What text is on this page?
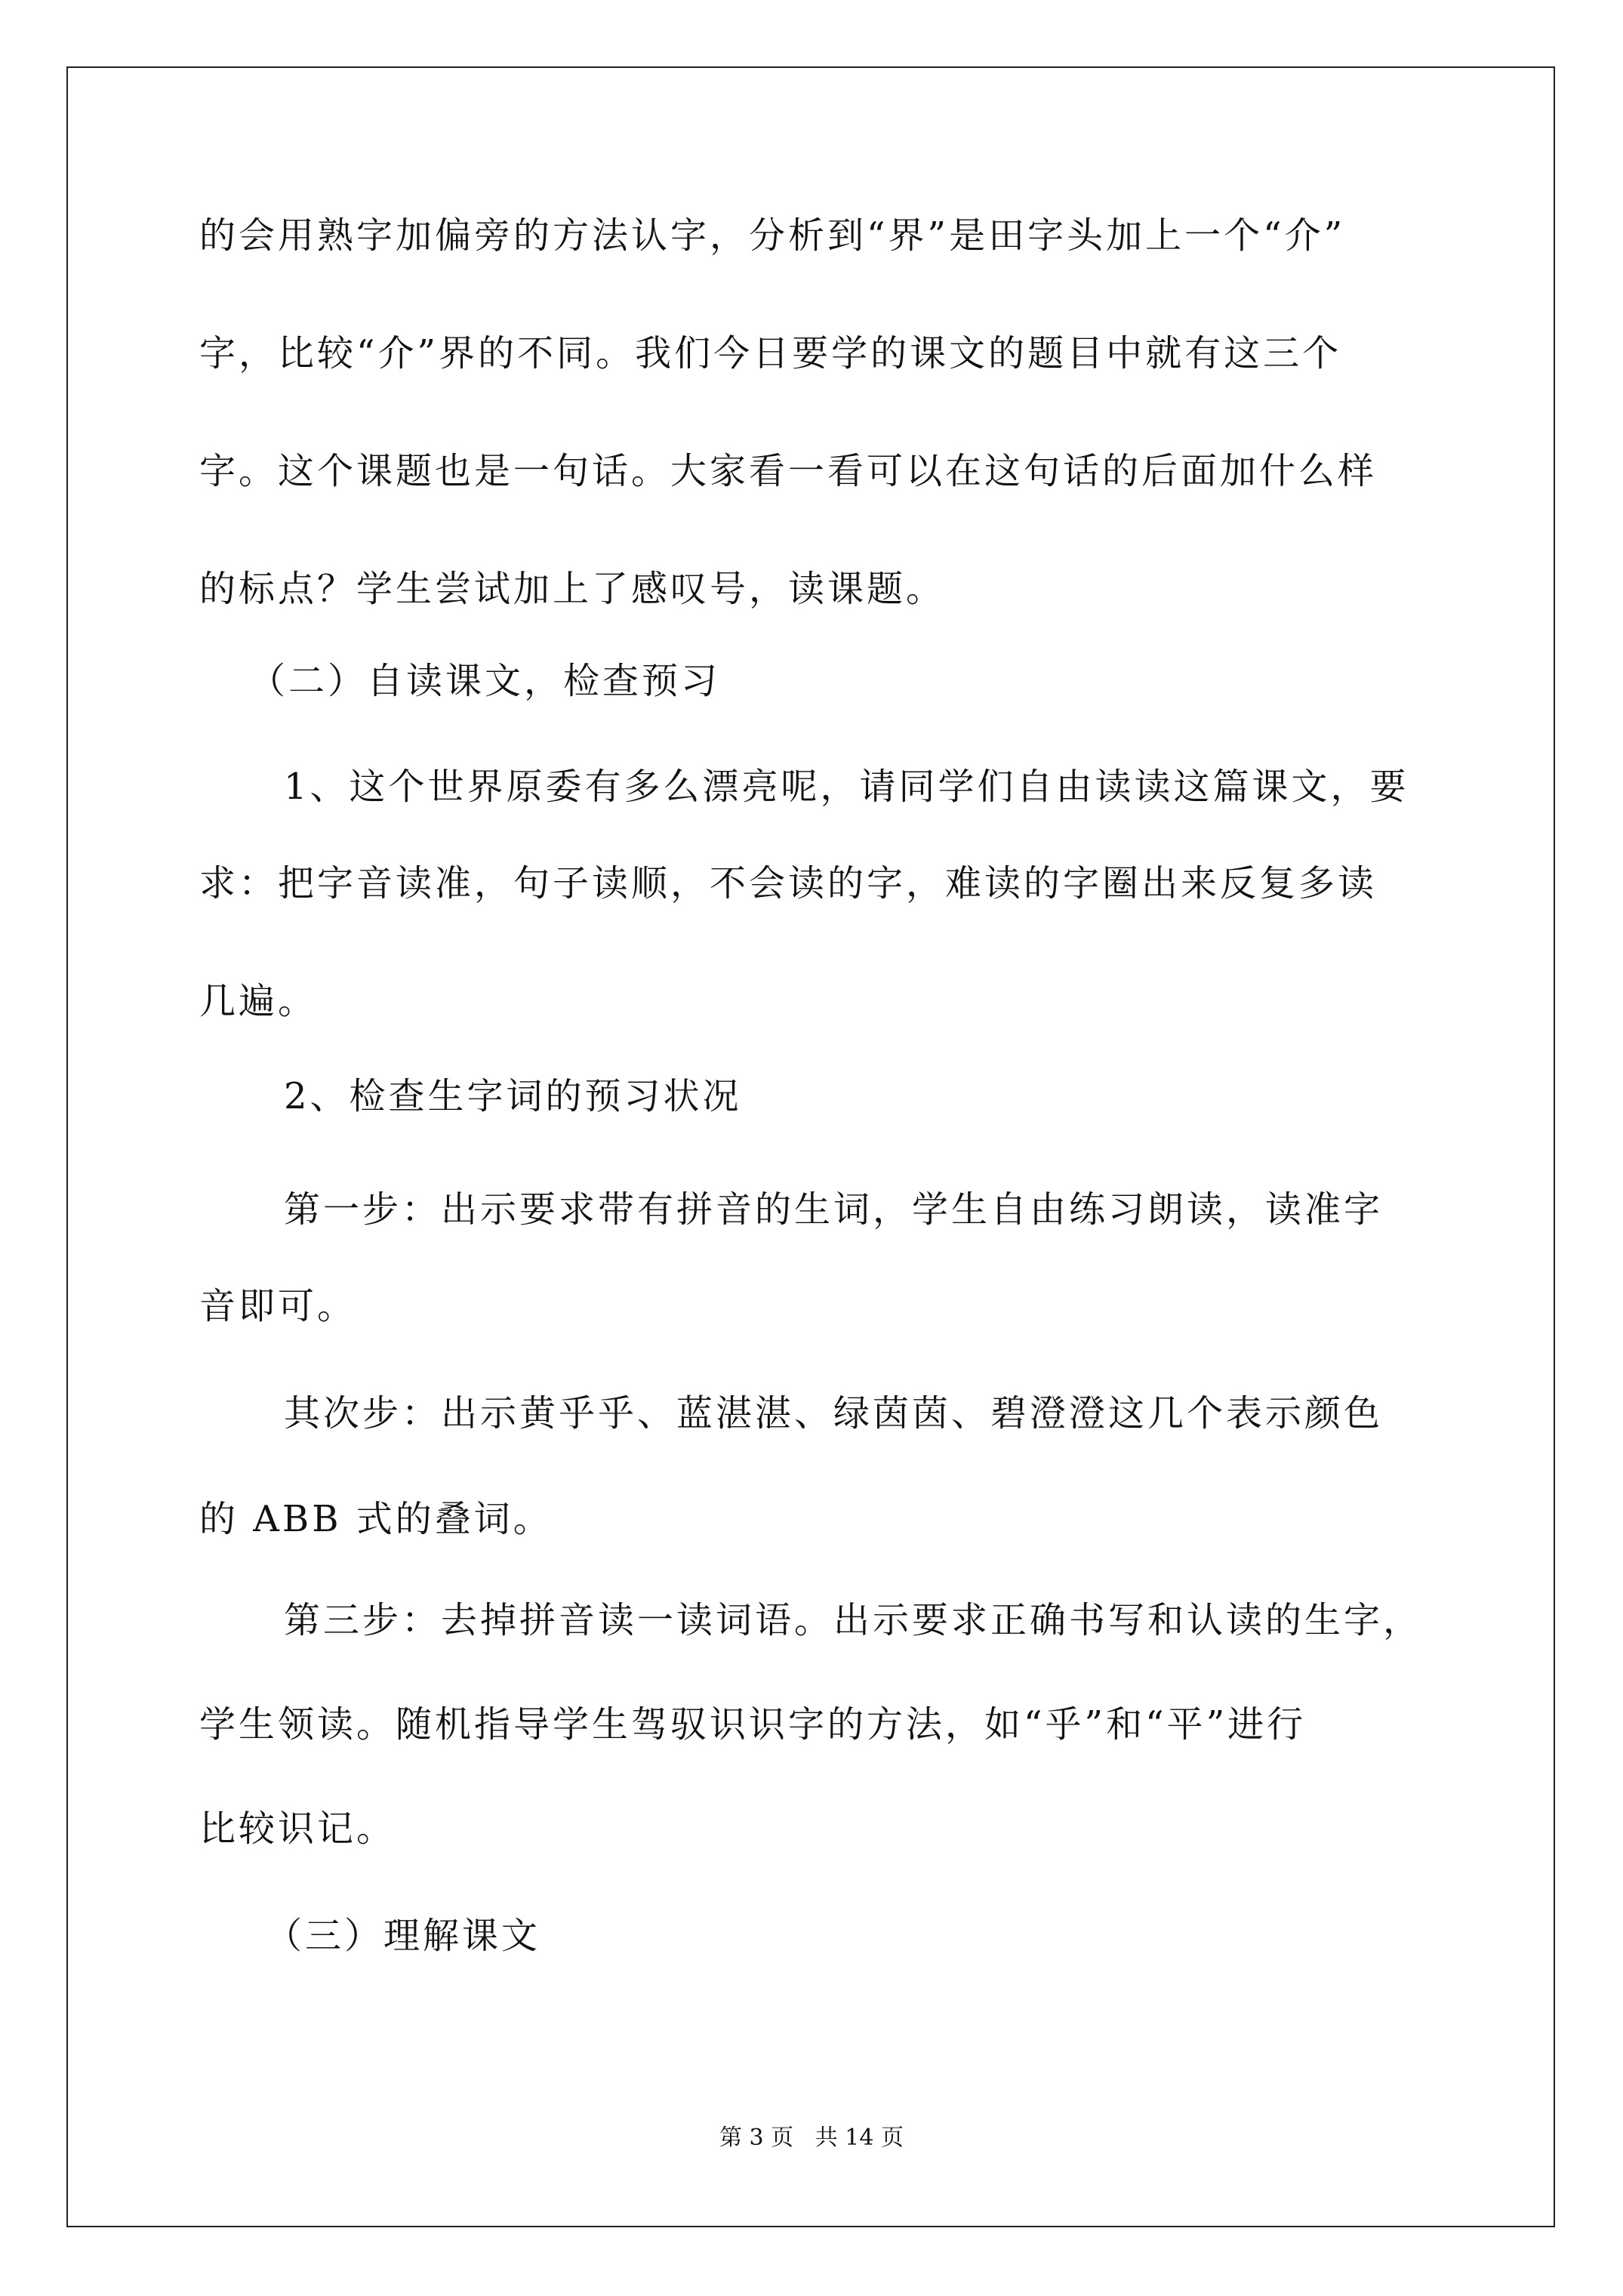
的会用熟字加偏旁的方法认字，分析到“界”是田字头加上一个“介”
字，比较“介”界的不同。我们今日要学的课文的题目中就有这三个
字。这个课题也是一句话。大家看一看可以在这句话的后面加什么样
的标点？学生尝试加上了感叹号，读课题。
（二）自读课文，检查预习
1、这个世界原委有多么漂亮呢，请同学们自由读读这篇课文，要
求：把字音读准，句子读顺，不会读的字，难读的字圈出来反复多读
几遍。
2、检查生字词的预习状况
第一步：出示要求带有拼音的生词，学生自由练习朗读，读准字
音即可。
其次步：出示黄乎乎、蓝湛湛、绿茵茵、碧澄澄这几个表示颜色
的 ABB 式的叠词。
第三步：去掉拼音读一读词语。出示要求正确书写和认读的生字，
学生领读。随机指导学生驾驭识识字的方法，如“乎”和“平”进行
比较识记。
（三）理解课文
第 3 页   共 14 页
